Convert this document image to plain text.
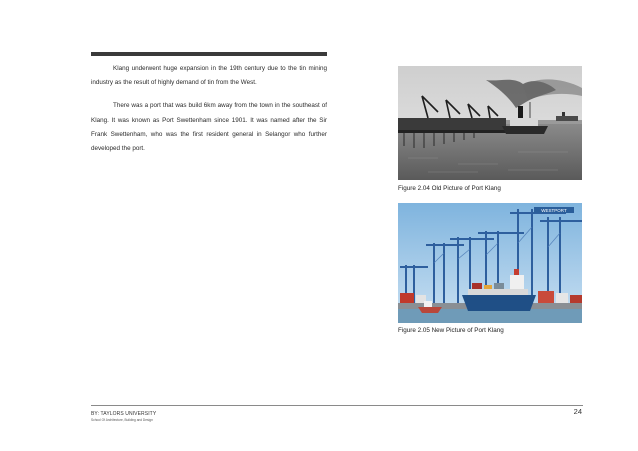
Klang underwent huge expansion in the 19th century due to the tin mining industry as the result of highly demand of tin from the West.

There was a port that was build 6km away from the town in the southeast of Klang. It was known as Port Swettenham since 1901. It was named after the Sir Frank Swettenham, who was the first resident general in Selangor who further developed the port.

Figure 2.04 Old Picture of Port Klang
WESTPORT
Figure 2.05 New Picture of Port Klang
24
BY: TAYLORS UNIVERSITY
School Of Architecture, Building and Design
